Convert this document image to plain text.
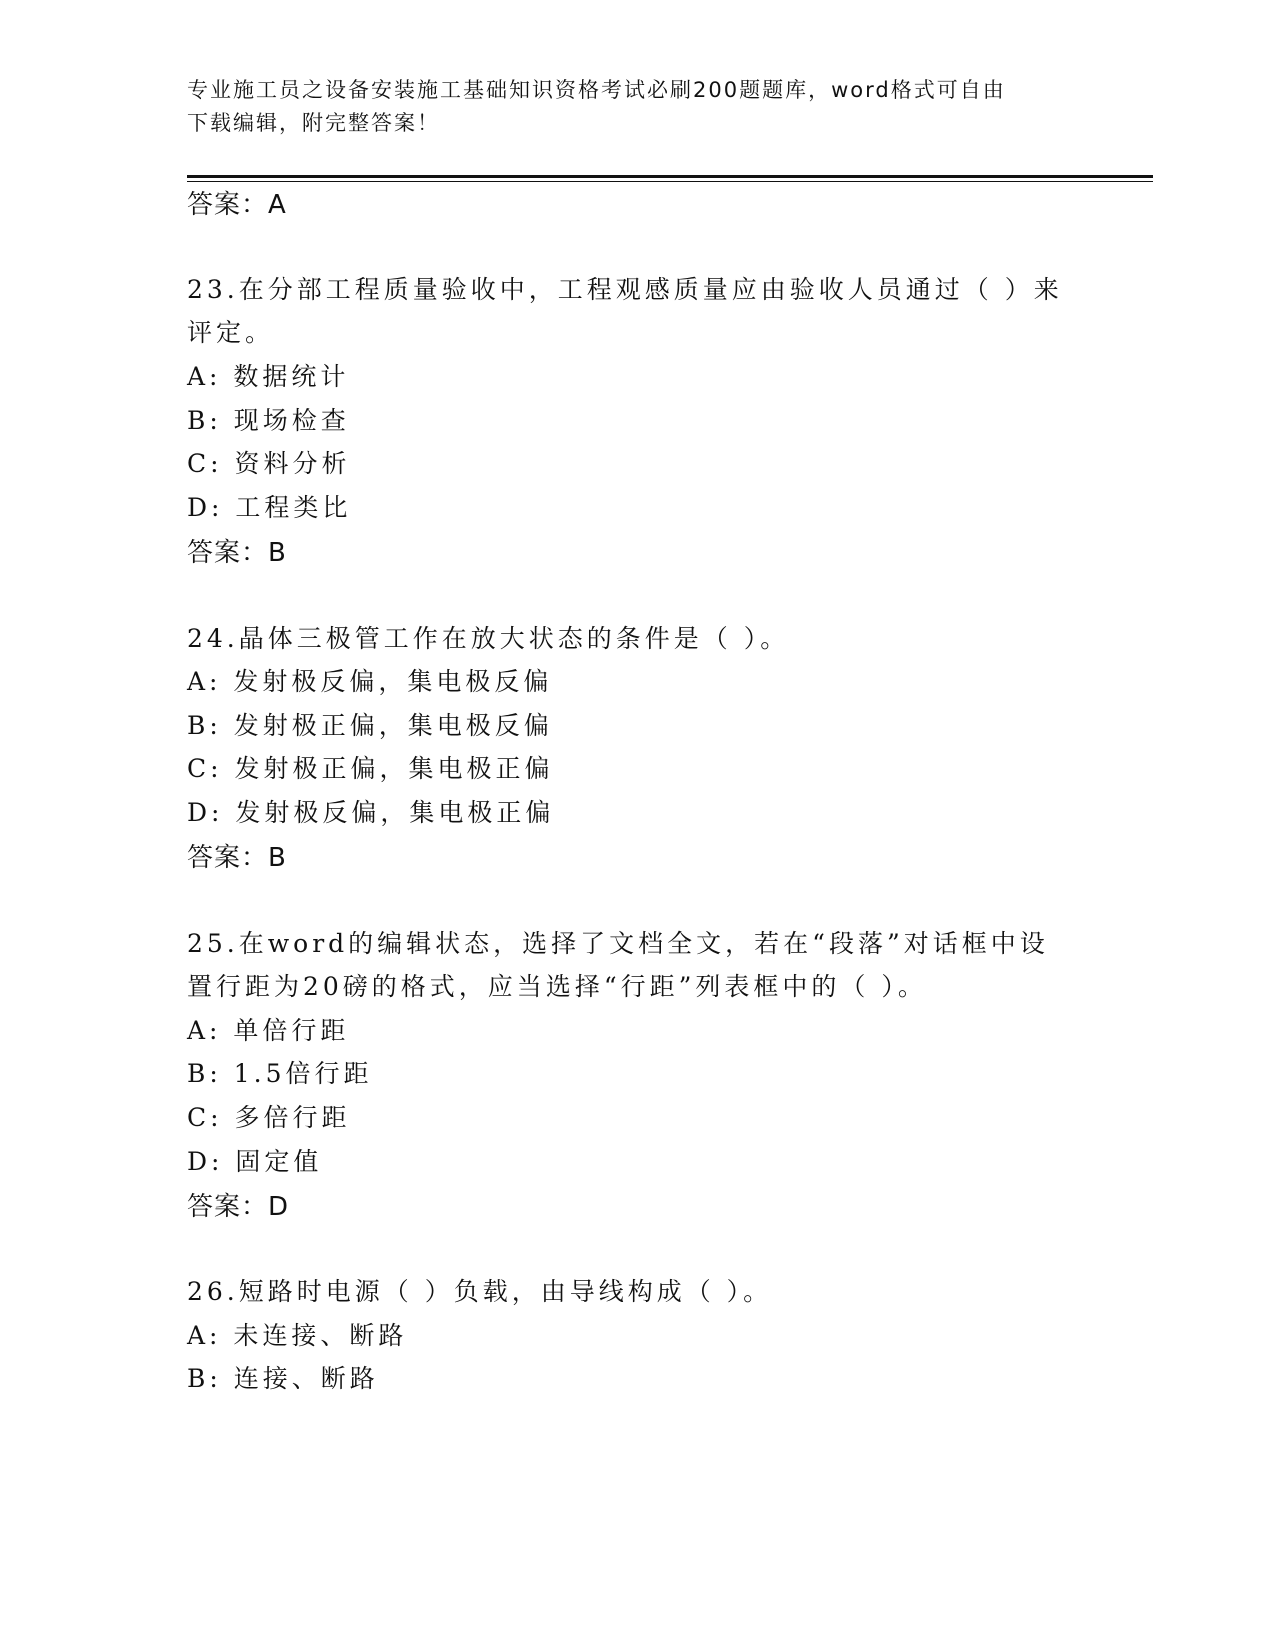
专业施工员之设备安装施工基础知识资格考试必刷200题题库，word格式可自由
下载编辑，附完整答案！
答案：A
23.在分部工程质量验收中，工程观感质量应由验收人员通过（ ）来
评定。
A: 数据统计
B: 现场检查
C: 资料分析
D: 工程类比
答案：B
24.晶体三极管工作在放大状态的条件是（ ）。
A: 发射极反偏，集电极反偏
B: 发射极正偏，集电极反偏
C: 发射极正偏，集电极正偏
D: 发射极反偏，集电极正偏
答案：B
25.在word的编辑状态，选择了文档全文，若在“段落”对话框中设
置行距为20磅的格式，应当选择“行距”列表框中的（ ）。
A: 单倍行距
B: 1.5倍行距
C: 多倍行距
D: 固定值
答案：D
26.短路时电源（ ）负载，由导线构成（ ）。
A: 未连接、断路
B: 连接、断路
